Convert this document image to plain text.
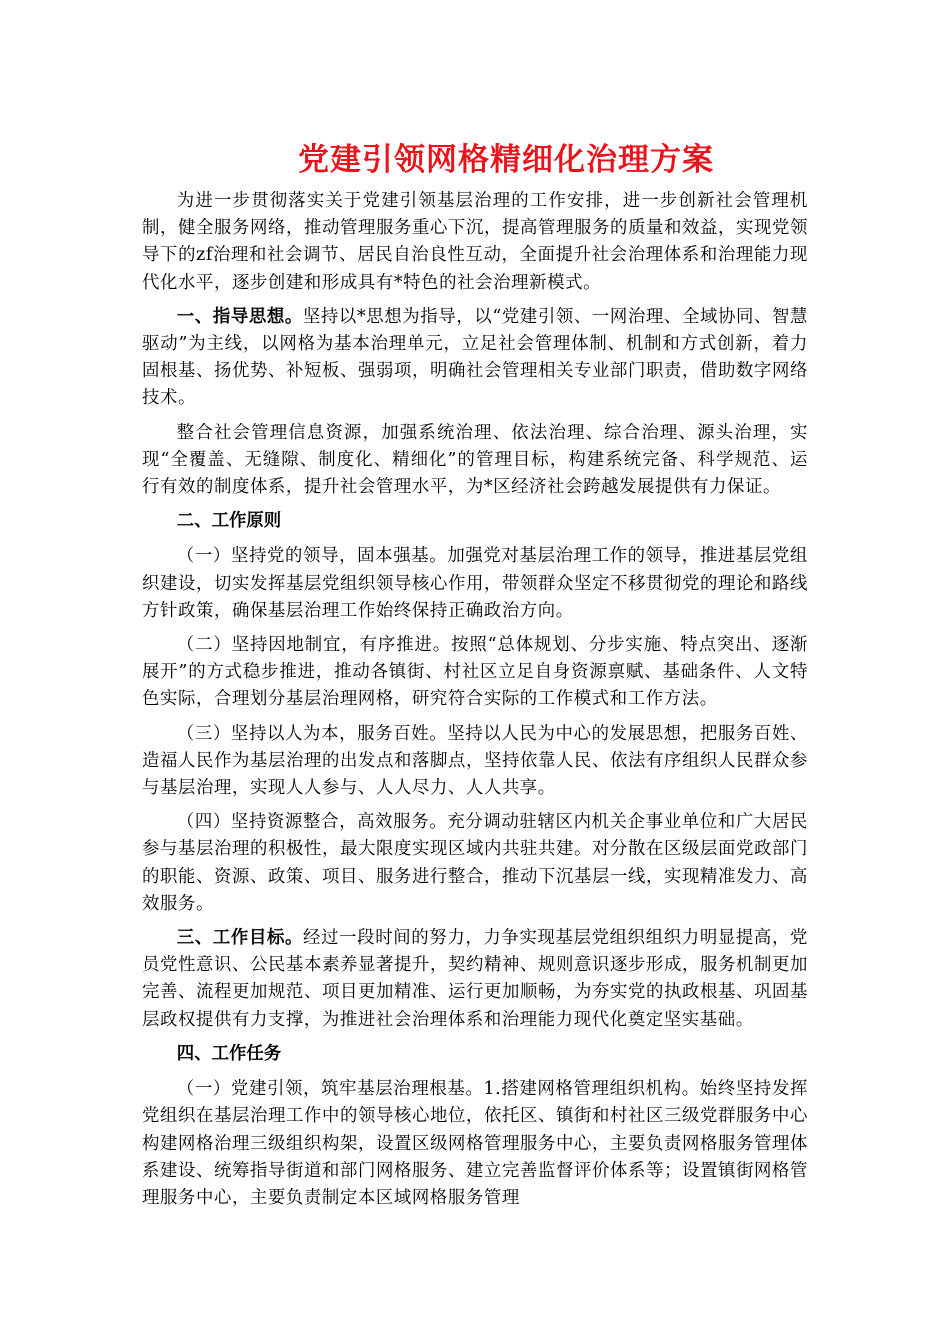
党建引领网格精细化治理方案

为进一步贯彻落实关于党建引领基层治理的工作安排，进一步创新社会管理机制，健全服务网络，推动管理服务重心下沉，提高管理服务的质量和效益，实现党领导下的zf治理和社会调节、居民自治良性互动，全面提升社会治理体系和治理能力现代化水平，逐步创建和形成具有*特色的社会治理新模式。

一、指导思想。坚持以*思想为指导，以“党建引领、一网治理、全域协同、智慧驱动”为主线，以网格为基本治理单元，立足社会管理体制、机制和方式创新，着力固根基、扬优势、补短板、强弱项，明确社会管理相关专业部门职责，借助数字网络技术。

整合社会管理信息资源，加强系统治理、依法治理、综合治理、源头治理，实现“全覆盖、无缝隙、制度化、精细化”的管理目标，构建系统完备、科学规范、运行有效的制度体系，提升社会管理水平，为*区经济社会跨越发展提供有力保证。

二、工作原则

（一）坚持党的领导，固本强基。加强党对基层治理工作的领导，推进基层党组织建设，切实发挥基层党组织领导核心作用，带领群众坚定不移贯彻党的理论和路线方针政策，确保基层治理工作始终保持正确政治方向。

（二）坚持因地制宜，有序推进。按照“总体规划、分步实施、特点突出、逐渐展开”的方式稳步推进，推动各镇街、村社区立足自身资源禀赋、基础条件、人文特色实际，合理划分基层治理网格，研究符合实际的工作模式和工作方法。

（三）坚持以人为本，服务百姓。坚持以人民为中心的发展思想，把服务百姓、造福人民作为基层治理的出发点和落脚点，坚持依靠人民、依法有序组织人民群众参与基层治理，实现人人参与、人人尽力、人人共享。

（四）坚持资源整合，高效服务。充分调动驻辖区内机关企事业单位和广大居民参与基层治理的积极性，最大限度实现区域内共驻共建。对分散在区级层面党政部门的职能、资源、政策、项目、服务进行整合，推动下沉基层一线，实现精准发力、高效服务。

三、工作目标。经过一段时间的努力，力争实现基层党组织组织力明显提高，党员党性意识、公民基本素养显著提升，契约精神、规则意识逐步形成，服务机制更加完善、流程更加规范、项目更加精准、运行更加顺畅，为夯实党的执政根基、巩固基层政权提供有力支撑，为推进社会治理体系和治理能力现代化奠定坚实基础。

四、工作任务

（一）党建引领，筑牢基层治理根基。1.搭建网格管理组织机构。始终坚持发挥党组织在基层治理工作中的领导核心地位，依托区、镇街和村社区三级党群服务中心构建网格治理三级组织构架，设置区级网格管理服务中心，主要负责网格服务管理体系建设、统筹指导街道和部门网格服务、建立完善监督评价体系等；设置镇街网格管理服务中心，主要负责制定本区域网格服务管理
